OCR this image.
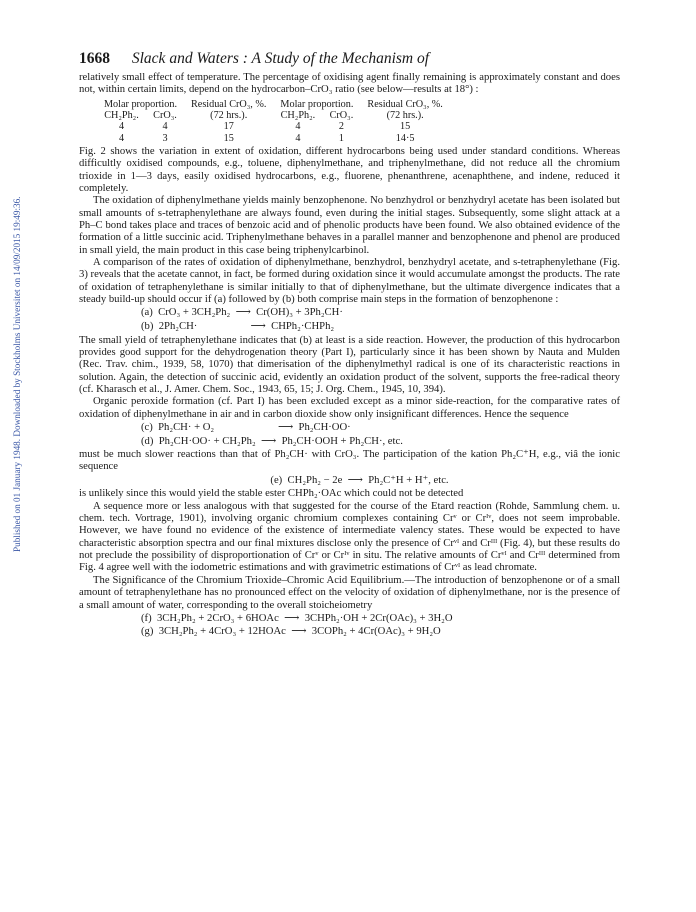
Published on 01 January 1948. Downloaded by Stockholms Universitet on 14/09/2015 19:49:36.
1668 Slack and Waters : A Study of the Mechanism of

relatively small effect of temperature. The percentage of oxidising agent finally remaining is approximately constant and does not, within certain limits, depend on the hydrocarbon–CrO₃ ratio (see below—results at 18°) :

Molar proportion.		Residual CrO₃, %.	Molar proportion.		Residual CrO₃, %.
CH₂Ph₂.	CrO₃.	(72 hrs.).	CH₂Ph₂.	CrO₃.	(72 hrs.).
4	4	17	4	2	15
4	3	15	4	1	14·5

Fig. 2 shows the variation in extent of oxidation, different hydrocarbons being used under standard conditions. Whereas difficultly oxidised compounds, e.g., toluene, diphenylmethane, and triphenylmethane, did not reduce all the chromium trioxide in 1—3 days, easily oxidised hydrocarbons, e.g., fluorene, phenanthrene, acenaphthene, and indene, reduced it completely.

The oxidation of diphenylmethane yields mainly benzophenone. No benzhydrol or benzhydryl acetate has been isolated but small amounts of s-tetraphenylethane are always found, even during the initial stages. Subsequently, some slight attack at a Ph–C bond takes place and traces of benzoic acid and of phenolic products have been found. We also obtained evidence of the formation of a little succinic acid. Triphenylmethane behaves in a parallel manner and benzophenone and phenol are produced in small yield, the main product in this case being triphenylcarbinol.

A comparison of the rates of oxidation of diphenylmethane, benzhydrol, benzhydryl acetate, and s-tetraphenylethane (Fig. 3) reveals that the acetate cannot, in fact, be formed during oxidation since it would accumulate amongst the products. The rate of oxidation of tetraphenylethane is similar initially to that of diphenylmethane, but the ultimate divergence indicates that a steady build-up should occur if (a) followed by (b) both comprise main steps in the formation of benzophenone :

(a)  CrO₃ + 3CH₂Ph₂  ⟶  Cr(OH)₃ + 3Ph₂CH·
(b)  2Ph₂CH·                    ⟶  CHPh₂·CHPh₂

The small yield of tetraphenylethane indicates that (b) at least is a side reaction. However, the production of this hydrocarbon provides good support for the dehydrogenation theory (Part I), particularly since it has been shown by Nauta and Mulden (Rec. Trav. chim., 1939, 58, 1070) that dimerisation of the diphenylmethyl radical is one of its characteristic reactions in solution. Again, the detection of succinic acid, evidently an oxidation product of the solvent, supports the free-radical theory (cf. Kharasch et al., J. Amer. Chem. Soc., 1943, 65, 15; J. Org. Chem., 1945, 10, 394).

Organic peroxide formation (cf. Part I) has been excluded except as a minor side-reaction, for the comparative rates of oxidation of diphenylmethane in air and in carbon dioxide show only insignificant differences. Hence the sequence

(c)  Ph₂CH· + O₂                        ⟶  Ph₂CH·OO·
(d)  Ph₂CH·OO· + CH₂Ph₂  ⟶  Ph₂CH·OOH + Ph₂CH·, etc.

must be much slower reactions than that of Ph₂CH· with CrO₃. The participation of the kation Ph₂C⁺H, e.g., viâ the ionic sequence

(e)  CH₂Ph₂ − 2e  ⟶  Ph₂C⁺H + H⁺, etc.

is unlikely since this would yield the stable ester CHPh₂·OAc which could not be detected

A sequence more or less analogous with that suggested for the course of the Etard reaction (Rohde, Sammlung chem. u. chem. tech. Vortrage, 1901), involving organic chromium complexes containing Crᵛ or Crᴵᵛ, does not seem improbable. However, we have found no evidence of the existence of intermediate valency states. These would be expected to have characteristic absorption spectra and our final mixtures disclose only the presence of Crᵛᴵ and Crᴵᴵᴵ (Fig. 4), but these results do not preclude the possibility of disproportionation of Crᵛ or Crᴵᵛ in situ. The relative amounts of Crᵛᴵ and Crᴵᴵᴵ determined from Fig. 4 agree well with the iodometric estimations and with gravimetric estimations of Crᵛᴵ as lead chromate.

The Significance of the Chromium Trioxide–Chromic Acid Equilibrium.—The introduction of benzophenone or of a small amount of tetraphenylethane has no pronounced effect on the velocity of oxidation of diphenylmethane, nor is the presence of a small amount of water, corresponding to the overall stoicheiometry

(f)  3CH₂Ph₂ + 2CrO₃ + 6HOAc  ⟶  3CHPh₂·OH + 2Cr(OAc)₃ + 3H₂O
(g)  3CH₂Ph₂ + 4CrO₃ + 12HOAc  ⟶  3COPh₂ + 4Cr(OAc)₃ + 9H₂O
